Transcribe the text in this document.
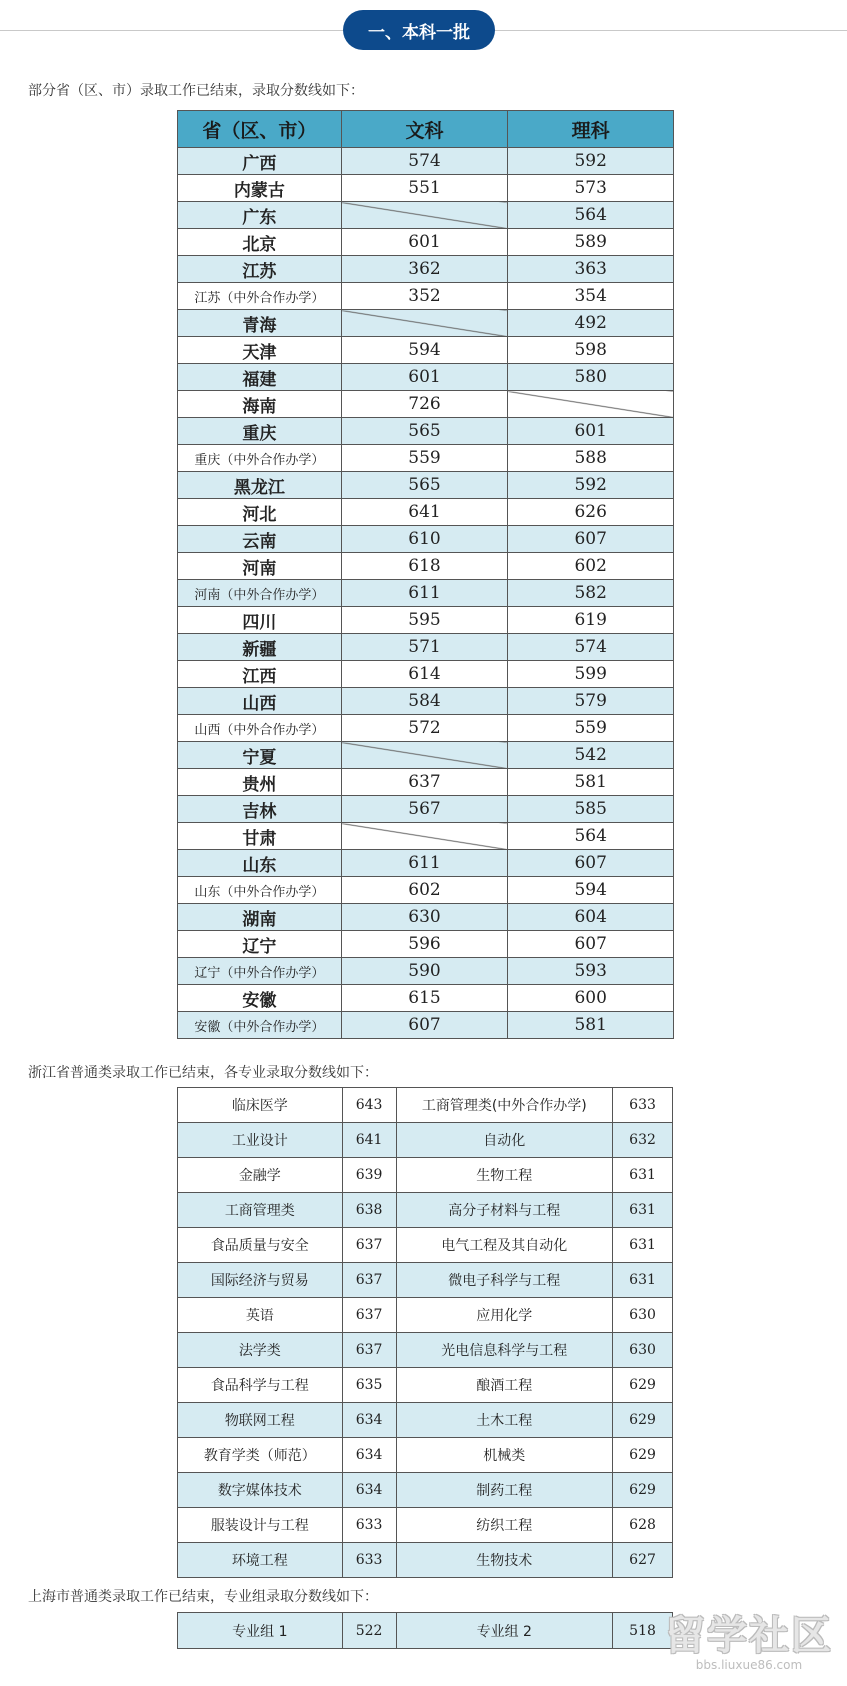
一、本科一批
部分省（区、市）录取工作已结束，录取分数线如下：
省（区、市）	文科	理科
广西	574	592
内蒙古	551	573
广东		564
北京	601	589
江苏	362	363
江苏（中外合作办学）	352	354
青海		492
天津	594	598
福建	601	580
海南	726	
重庆	565	601
重庆（中外合作办学）	559	588
黑龙江	565	592
河北	641	626
云南	610	607
河南	618	602
河南（中外合作办学）	611	582
四川	595	619
新疆	571	574
江西	614	599
山西	584	579
山西（中外合作办学）	572	559
宁夏		542
贵州	637	581
吉林	567	585
甘肃		564
山东	611	607
山东（中外合作办学）	602	594
湖南	630	604
辽宁	596	607
辽宁（中外合作办学）	590	593
安徽	615	600
安徽（中外合作办学）	607	581
浙江省普通类录取工作已结束，各专业录取分数线如下：
临床医学	643	工商管理类(中外合作办学)	633
工业设计	641	自动化	632
金融学	639	生物工程	631
工商管理类	638	高分子材料与工程	631
食品质量与安全	637	电气工程及其自动化	631
国际经济与贸易	637	微电子科学与工程	631
英语	637	应用化学	630
法学类	637	光电信息科学与工程	630
食品科学与工程	635	酿酒工程	629
物联网工程	634	土木工程	629
教育学类（师范）	634	机械类	629
数字媒体技术	634	制药工程	629
服装设计与工程	633	纺织工程	628
环境工程	633	生物技术	627
上海市普通类录取工作已结束，专业组录取分数线如下：
专业组 1	522	专业组 2	518 留学社区
bbs.liuxue86.com
